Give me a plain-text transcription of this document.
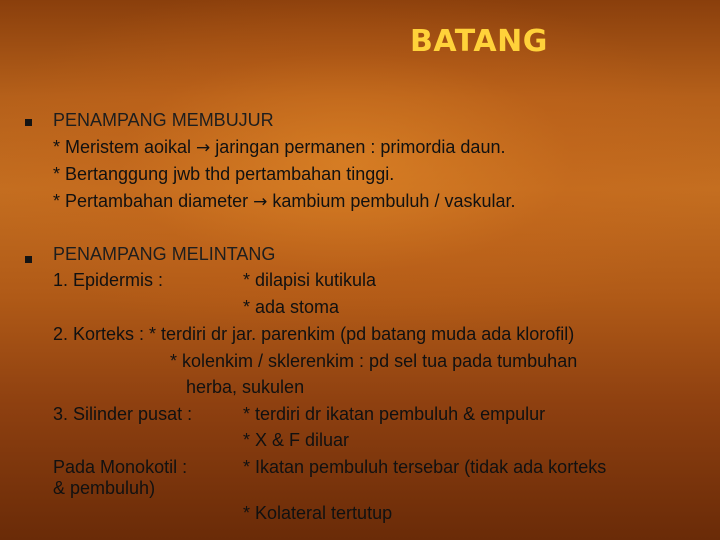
BATANG
PENAMPANG MEMBUJUR
* Meristem aoikal → jaringan permanen : primordia daun.
* Bertanggung jwb thd pertambahan tinggi.
* Pertambahan diameter → kambium pembuluh / vaskular.
PENAMPANG MELINTANG
1. Epidermis :	* dilapisi kutikula
* ada stoma
2. Korteks : * terdiri dr jar. parenkim (pd batang muda ada klorofil)
* kolenkim / sklerenkim : pd sel tua pada tumbuhan
herba, sukulen
3. Silinder pusat :	* terdiri dr ikatan pembuluh & empulur
* X & F diluar
Pada Monokotil :	* Ikatan pembuluh tersebar (tidak ada korteks
& pembuluh)
* Kolateral tertutup
